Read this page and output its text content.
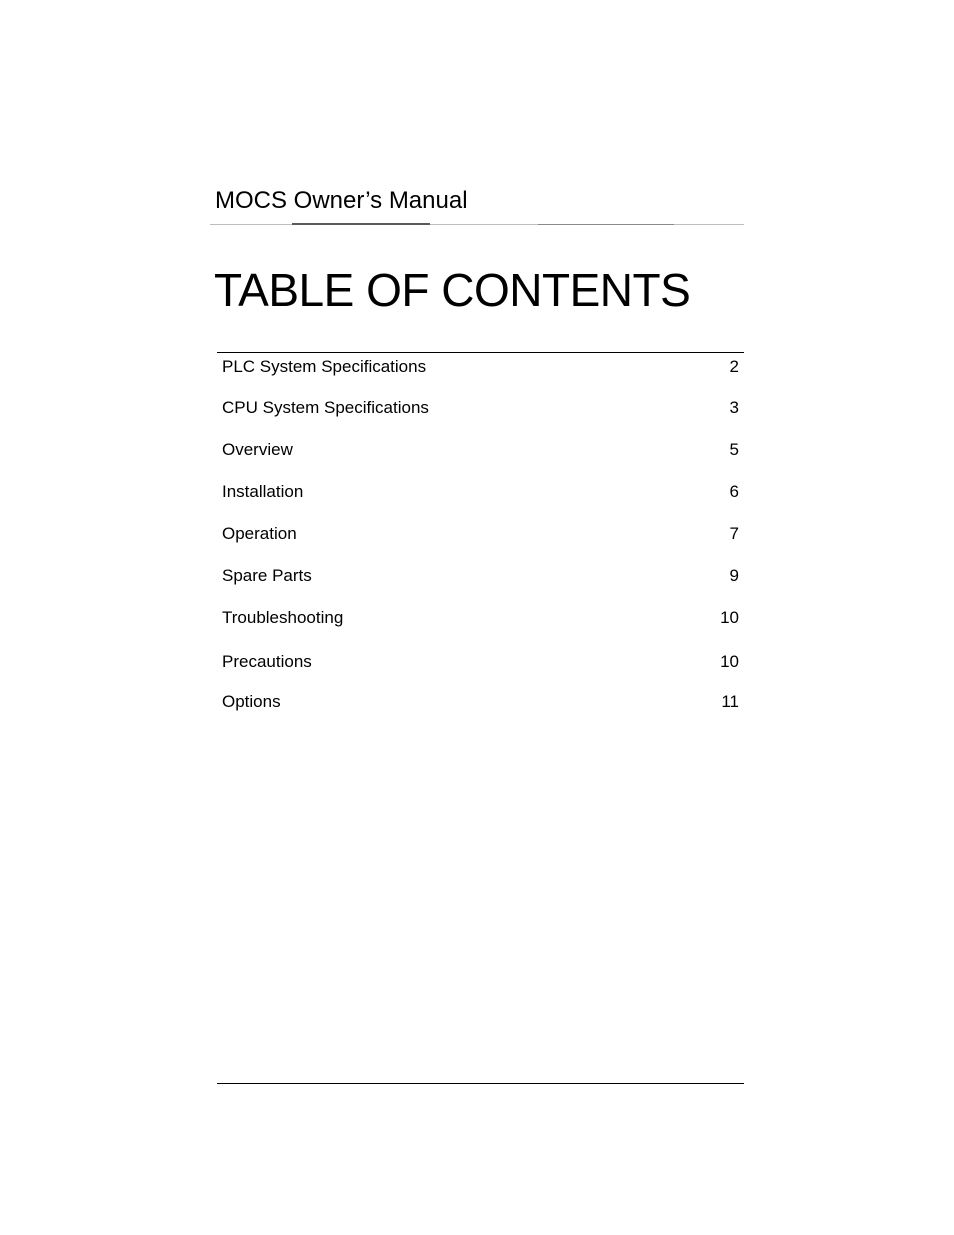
MOCS Owner’s Manual
TABLE OF CONTENTS
PLC System Specifications	2
CPU System Specifications	3
Overview	5
Installation	6
Operation	7
Spare Parts	9
Troubleshooting	10
Precautions	10
Options	11
